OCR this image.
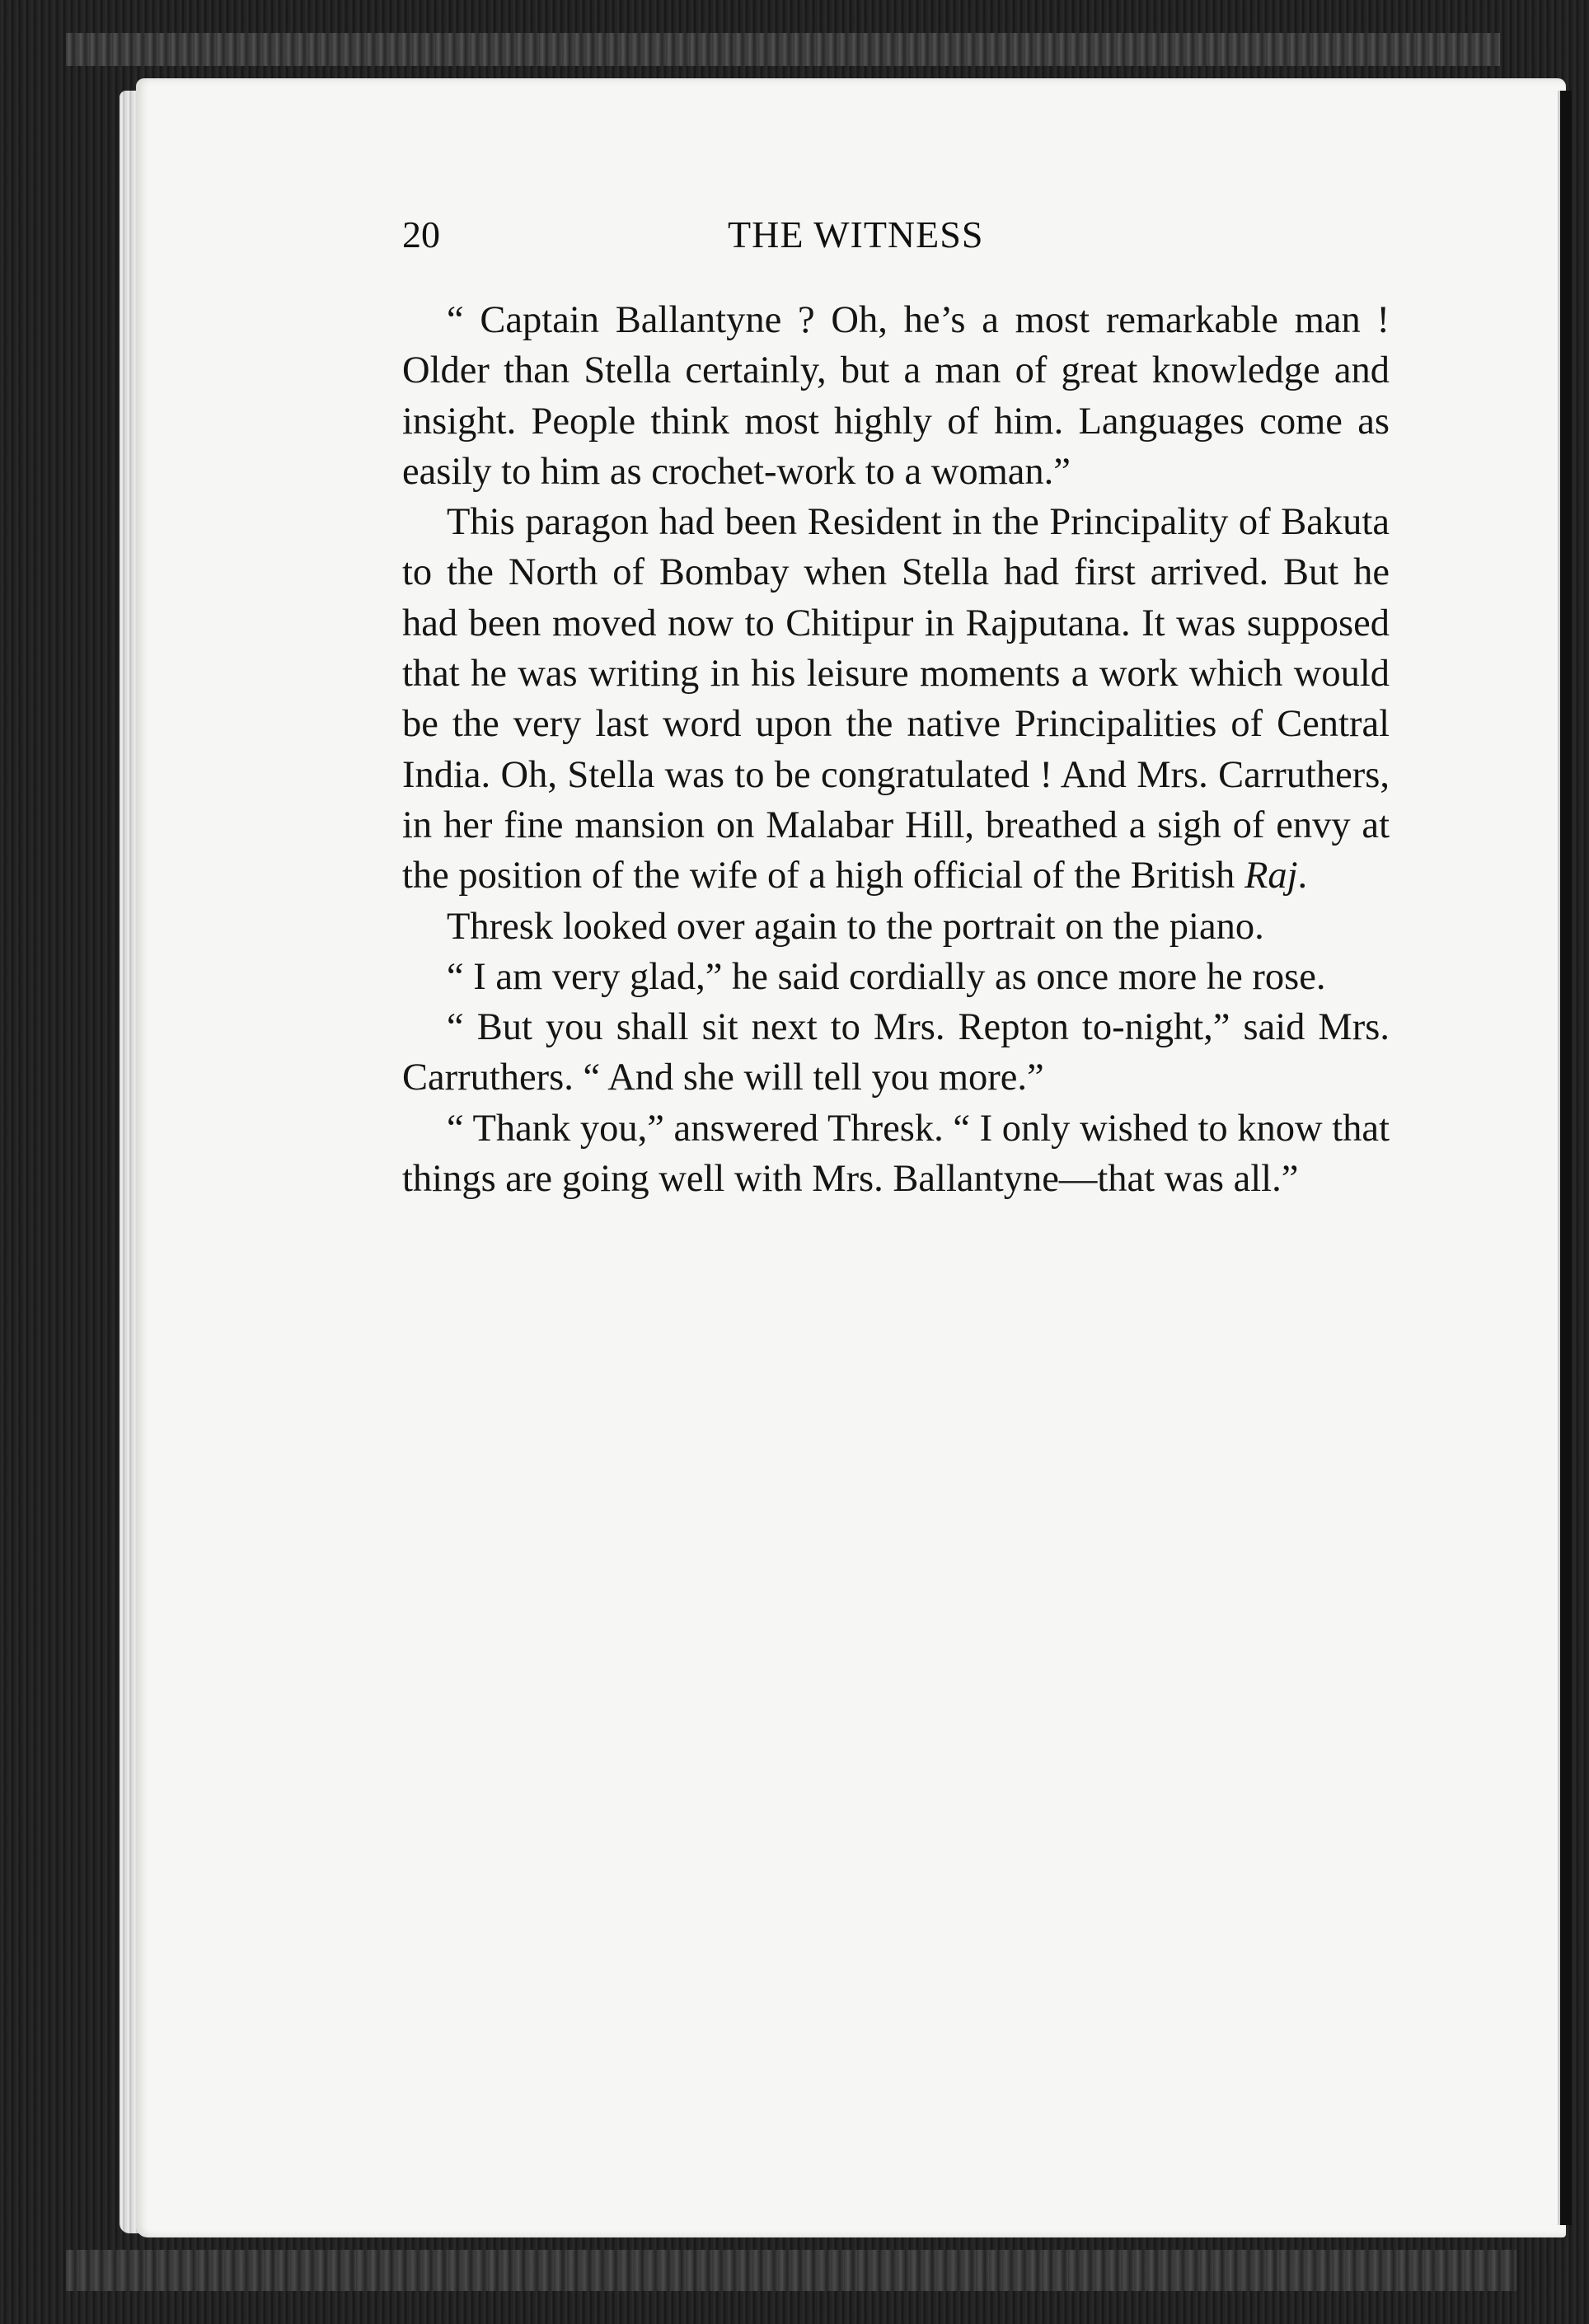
20	THE WITNESS

“ Captain Ballantyne ? Oh, he’s a most remarkable man ! Older than Stella certainly, but a man of great knowledge and insight. People think most highly of him. Languages come as easily to him as crochet-work to a woman.”

This paragon had been Resident in the Principality of Bakuta to the North of Bombay when Stella had first arrived. But he had been moved now to Chitipur in Rajputana. It was supposed that he was writing in his leisure moments a work which would be the very last word upon the native Principalities of Central India. Oh, Stella was to be congratulated ! And Mrs. Carruthers, in her fine mansion on Malabar Hill, breathed a sigh of envy at the position of the wife of a high official of the British Raj.

Thresk looked over again to the portrait on the piano.

“ I am very glad,” he said cordially as once more he rose.

“ But you shall sit next to Mrs. Repton to-night,” said Mrs. Carruthers. “ And she will tell you more.”

“ Thank you,” answered Thresk. “ I only wished to know that things are going well with Mrs. Ballantyne—that was all.”
